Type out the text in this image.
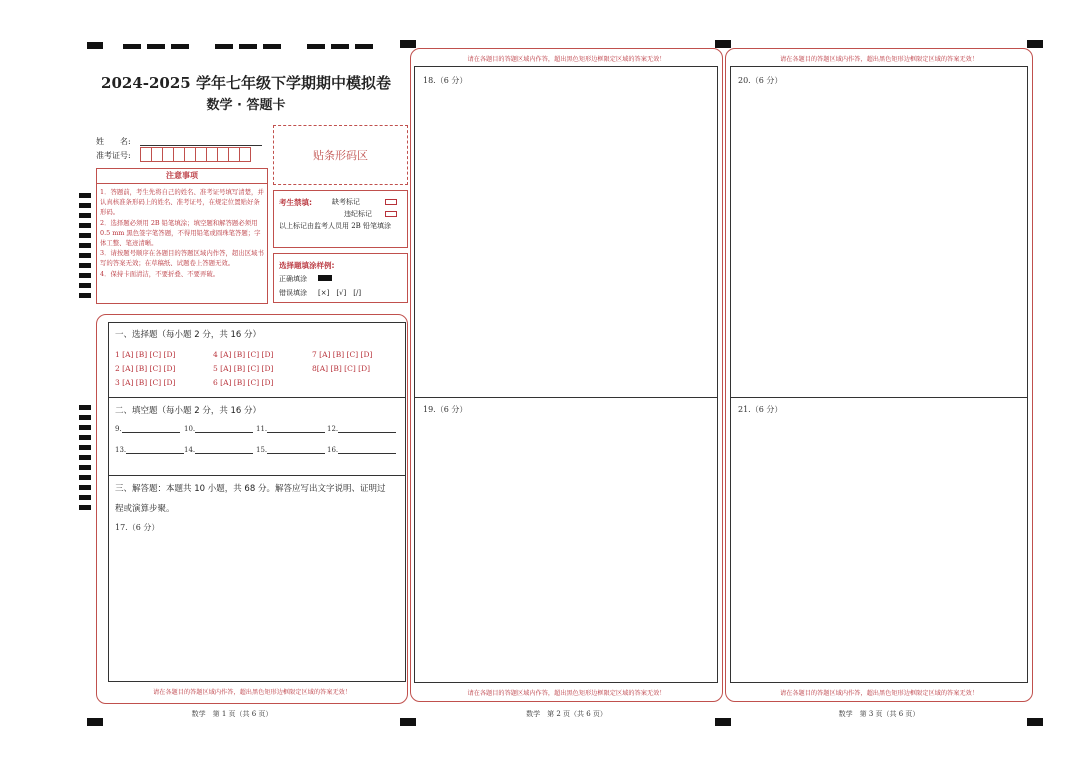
2024-2025 学年七年级下学期期中模拟卷
数学 · 答题卡
姓　　名:
准考证号:	贴条形码区
注意事项
1．答题前，考生先将自己的姓名、准考证号填写清楚，并认真核准条形码上的姓名、准考证号，在规定位置贴好条形码。
2．选择题必须用 2B 铅笔填涂；填空题和解答题必须用 0.5 mm 黑色签字笔答题，不得用铅笔或圆珠笔答题；字体工整、笔迹清晰。
3．请按题号顺序在各题目的答题区域内作答，超出区域书写的答案无效；在草稿纸、试题卷上答题无效。
4．保持卡面清洁，不要折叠、不要弄破。
考生禁填:	缺考标记
违纪标记
以上标记由监考人员用 2B 铅笔填涂
选择题填涂样例:
正确填涂
错误填涂 [×]　[√]　[/]
一、选择题（每小题 2 分，共 16 分）
1 [A] [B] [C] [D]	4 [A] [B] [C] [D]	7 [A] [B] [C] [D]
2 [A] [B] [C] [D]	5 [A] [B] [C] [D]	8[A] [B] [C] [D]
3 [A] [B] [C] [D]	6 [A] [B] [C] [D]
二、填空题（每小题 2 分，共 16 分）
9.	10.	11.	12.
13.	14.	15.	16.
三、解答题：本题共 10 小题，共 68 分。解答应写出文字说明、证明过
程或演算步聚。
17.（6 分）
请在各题目的答题区域内作答，超出黑色矩形边框限定区域的答案无效！
数学　第 1 页（共 6 页）
请在各题目的答题区域内作答，超出黑色矩形边框限定区域的答案无效！
18.（6 分）
19.（6 分）
请在各题目的答题区域内作答，超出黑色矩形边框限定区域的答案无效！
数学　第 2 页（共 6 页）
请在各题目的答题区域内作答，超出黑色矩形边框限定区域的答案无效！
20.（6 分）
21.（6 分）
请在各题目的答题区域内作答，超出黑色矩形边框限定区域的答案无效！
数学　第 3 页（共 6 页）
